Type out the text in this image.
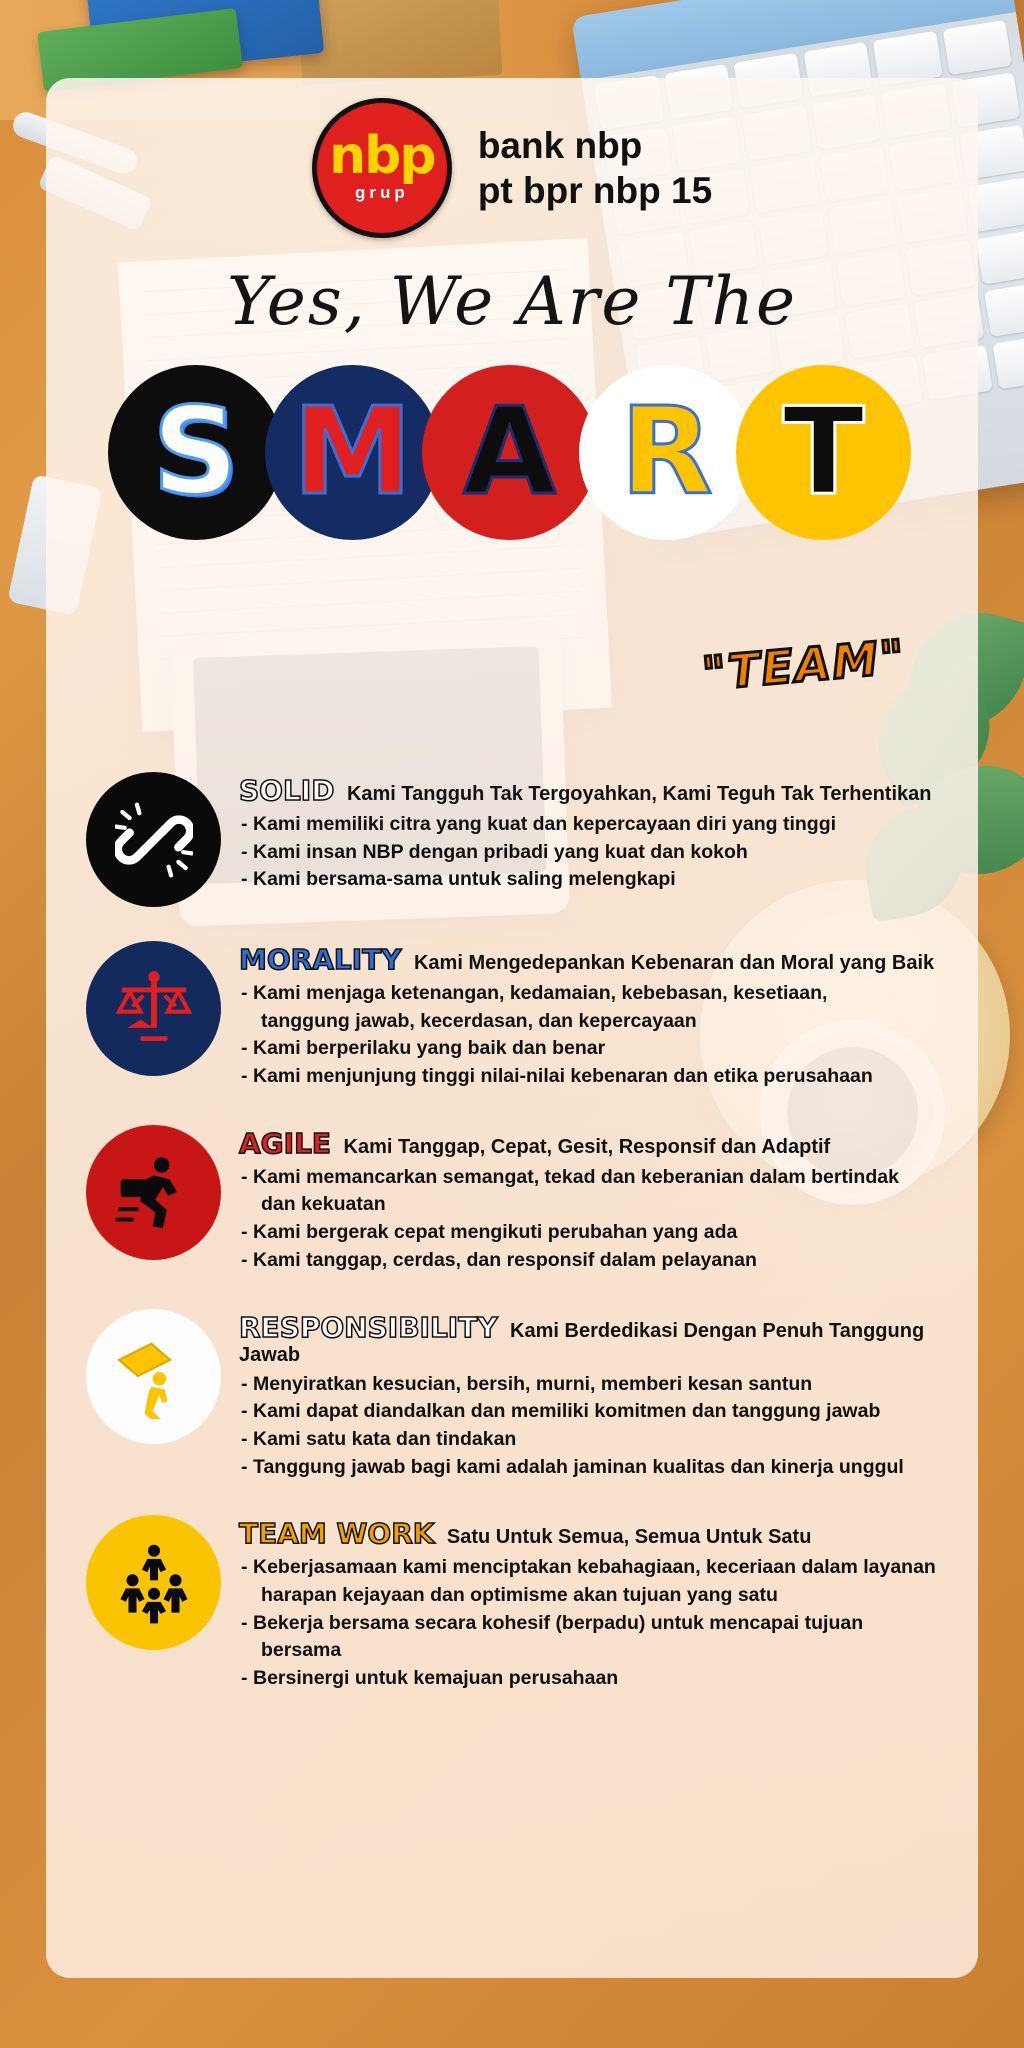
nbp
grup
bank nbp
pt bpr nbp 15
Yes, We Are The
S M A R T
"TEAM"
SOLID Kami Tangguh Tak Tergoyahkan, Kami Teguh Tak Terhentikan
- Kami memiliki citra yang kuat dan kepercayaan diri yang tinggi
- Kami insan NBP dengan pribadi yang kuat dan kokoh
- Kami bersama-sama untuk saling melengkapi
MORALITY Kami Mengedepankan Kebenaran dan Moral yang Baik
- Kami menjaga ketenangan, kedamaian, kebebasan, kesetiaan,
tanggung jawab, kecerdasan, dan kepercayaan
- Kami berperilaku yang baik dan benar
- Kami menjunjung tinggi nilai-nilai kebenaran dan etika perusahaan
AGILE Kami Tanggap, Cepat, Gesit, Responsif dan Adaptif
- Kami memancarkan semangat, tekad dan keberanian dalam bertindak
dan kekuatan
- Kami bergerak cepat mengikuti perubahan yang ada
- Kami tanggap, cerdas, dan responsif dalam pelayanan
RESPONSIBILITY Kami Berdedikasi Dengan Penuh Tanggung Jawab
- Menyiratkan kesucian, bersih, murni, memberi kesan santun
- Kami dapat diandalkan dan memiliki komitmen dan tanggung jawab
- Kami satu kata dan tindakan
- Tanggung jawab bagi kami adalah jaminan kualitas dan kinerja unggul
TEAM WORK Satu Untuk Semua, Semua Untuk Satu
- Keberjasamaan kami menciptakan kebahagiaan, keceriaan dalam layanan
harapan kejayaan dan optimisme akan tujuan yang satu
- Bekerja bersama secara kohesif (berpadu) untuk mencapai tujuan
bersama
- Bersinergi untuk kemajuan perusahaan
